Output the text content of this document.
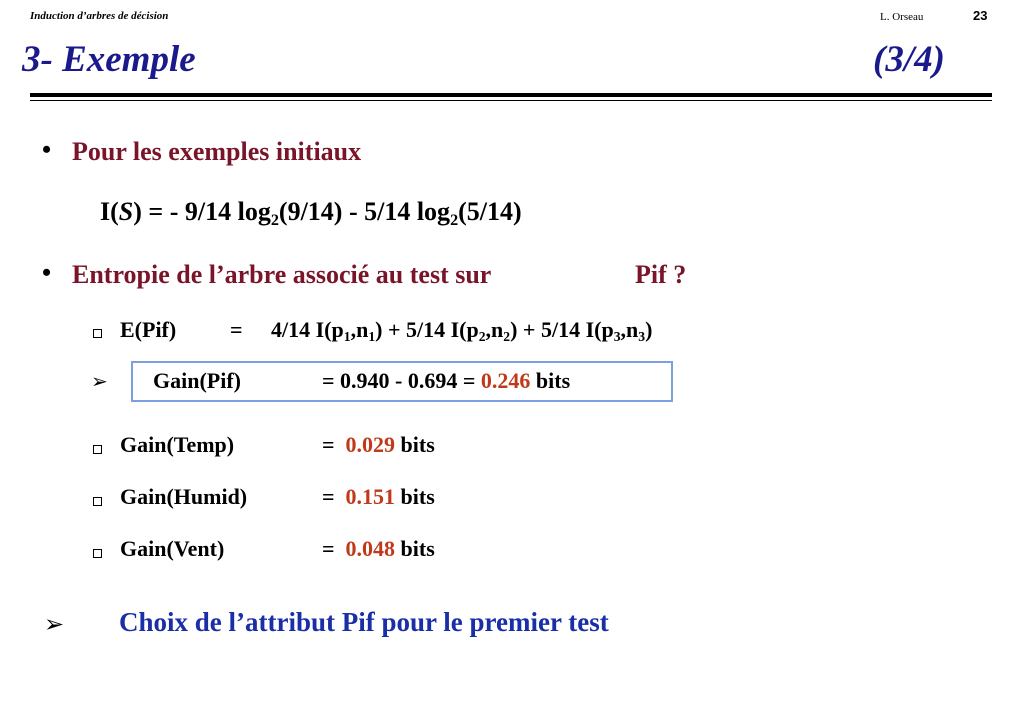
Induction d’arbres de décision	L. Orseau	23
3- Exemple	(3/4)
• Pour les exemples initiaux
I(S) = - 9/14 $\log_2(9/14) - 5/14$ $\log_2(5/14)$
• Entropie de l’arbre associé au test sur	Pif ?
E(Pif) = 4/14 $I(p_1,n_1) + 5/14$ $I(p_2,n_2) + 5/14$ $I(p_3,n_3)$
➢ Gain(Pif)	= 0.940 - 0.694 = 0.246 bits
Gain(Temp)	= 0.029 bits
Gain(Humid)	= 0.151 bits
Gain(Vent)	= 0.048 bits
➢ Choix de l’attribut Pif pour le premier test
